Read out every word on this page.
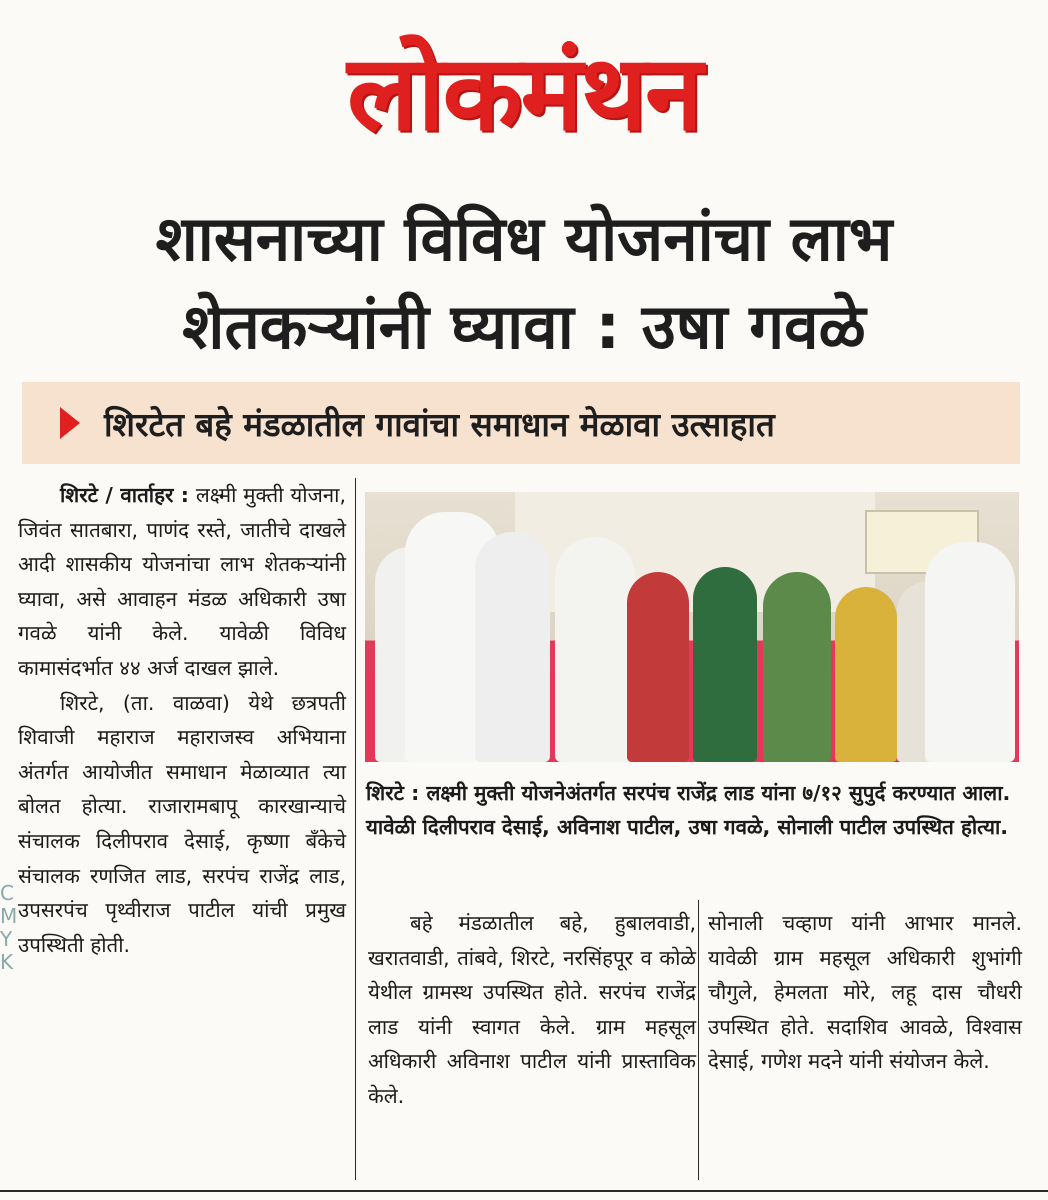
लोकमंथन
शासनाच्या विविध योजनांचा लाभ
शेतकऱ्यांनी घ्यावा : उषा गवळे
शिरटेत बहे मंडळातील गावांचा समाधान मेळावा उत्साहात

शिरटे / वार्ताहर : लक्ष्मी मुक्ती योजना, जिवंत सातबारा, पाणंद रस्ते, जातीचे दाखले आदी शासकीय योजनांचा लाभ शेतकऱ्यांनी घ्यावा, असे आवाहन मंडळ अधिकारी उषा गवळे यांनी केले. यावेळी विविध कामासंदर्भात ४४ अर्ज दाखल झाले.

शिरटे, (ता. वाळवा) येथे छत्रपती शिवाजी महाराज महाराजस्व अभियाना अंतर्गत आयोजीत समाधान मेळाव्यात त्या बोलत होत्या. राजारामबापू कारखान्याचे संचालक दिलीपराव देसाई, कृष्णा बँकेचे संचालक रणजित लाड, सरपंच राजेंद्र लाड, उपसरपंच पृथ्वीराज पाटील यांची प्रमुख उपस्थिती होती.

शिरटे : लक्ष्मी मुक्ती योजनेअंतर्गत सरपंच राजेंद्र लाड यांना ७/१२ सुपुर्द करण्यात आला. यावेळी दिलीपराव देसाई, अविनाश पाटील, उषा गवळे, सोनाली पाटील उपस्थित होत्या.

बहे मंडळातील बहे, हुबालवाडी, खरातवाडी, तांबवे, शिरटे, नरसिंहपूर व कोळे येथील ग्रामस्थ उपस्थित होते. सरपंच राजेंद्र लाड यांनी स्वागत केले. ग्राम महसूल अधिकारी अविनाश पाटील यांनी प्रास्ताविक केले.

सोनाली चव्हाण यांनी आभार मानले. यावेळी ग्राम महसूल अधिकारी शुभांगी चौगुले, हेमलता मोरे, लहू दास चौधरी उपस्थित होते. सदाशिव आवळे, विश्वास देसाई, गणेश मदने यांनी संयोजन केले.

C
M
Y
K
